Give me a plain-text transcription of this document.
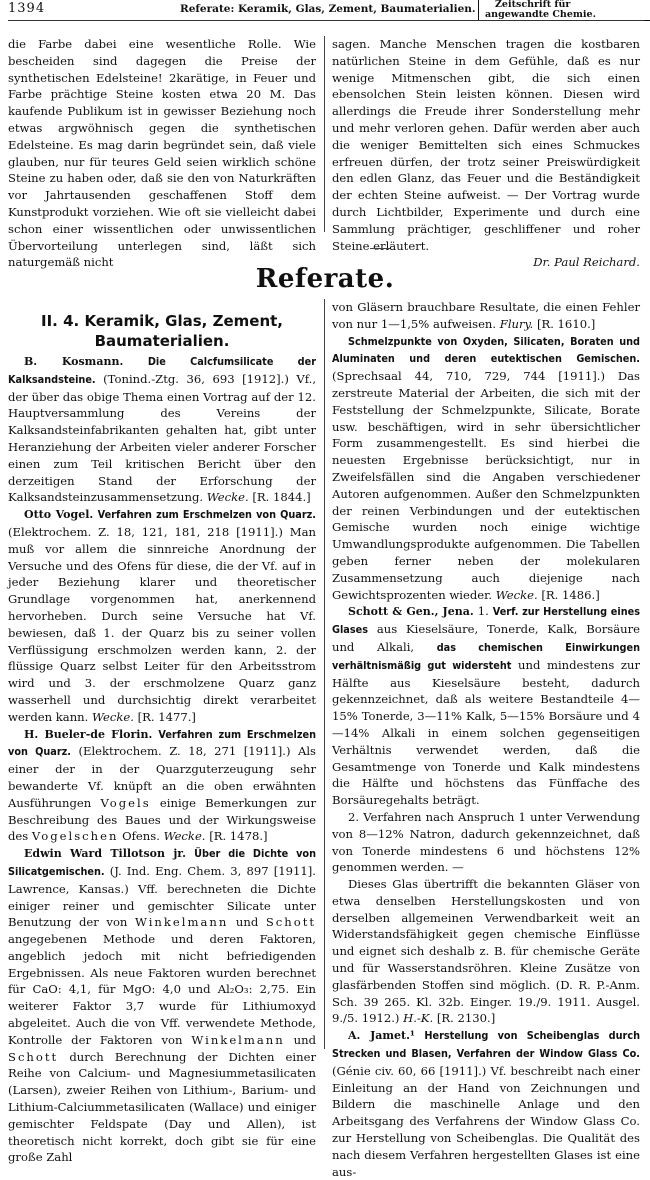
1394	Referate: Keramik, Glas, Zement, Baumaterialien.	Zeitschrift für
angewandte Chemie.

die Farbe dabei eine wesentliche Rolle. Wie bescheiden sind dagegen die Preise der synthetischen Edelsteine! 2karätige, in Feuer und Farbe prächtige Steine kosten etwa 20 M. Das kaufende Publikum ist in gewisser Beziehung noch etwas argwöhnisch gegen die synthetischen Edelsteine. Es mag darin begründet sein, daß viele glauben, nur für teures Geld seien wirklich schöne Steine zu haben oder, daß sie den von Naturkräften vor Jahrtausenden geschaffenen Stoff dem Kunstprodukt vorziehen. Wie oft sie vielleicht dabei schon einer wissentlichen oder unwissentlichen Übervorteilung unterlegen sind, läßt sich naturgemäß nicht

sagen. Manche Menschen tragen die kostbaren natürlichen Steine in dem Gefühle, daß es nur wenige Mitmenschen gibt, die sich einen ebensolchen Stein leisten können. Diesen wird allerdings die Freude ihrer Sonderstellung mehr und mehr verloren gehen. Dafür werden aber auch die weniger Bemittelten sich eines Schmuckes erfreuen dürfen, der trotz seiner Preiswürdigkeit den edlen Glanz, das Feuer und die Beständigkeit der echten Steine aufweist. — Der Vortrag wurde durch Lichtbilder, Experimente und durch eine Sammlung prächtiger, geschliffener und roher Steine erläutert.

Dr. Paul Reichard.

Referate.
II. 4. Keramik, Glas, Zement, Baumaterialien.

B. Kosmann. Die Calcfumsilicate der Kalksandsteine. (Tonind.-Ztg. 36, 693 [1912].) Vf., der über das obige Thema einen Vortrag auf der 12. Hauptversammlung des Vereins der Kalksandsteinfabrikanten gehalten hat, gibt unter Heranziehung der Arbeiten vieler anderer Forscher einen zum Teil kritischen Bericht über den derzeitigen Stand der Erforschung der Kalksandsteinzusammensetzung. Wecke. [R. 1844.]

Otto Vogel. Verfahren zum Erschmelzen von Quarz. (Elektrochem. Z. 18, 121, 181, 218 [1911].) Man muß vor allem die sinnreiche Anordnung der Versuche und des Ofens für diese, die der Vf. auf in jeder Beziehung klarer und theoretischer Grundlage vorgenommen hat, anerkennend hervorheben. Durch seine Versuche hat Vf. bewiesen, daß 1. der Quarz bis zu seiner vollen Verflüssigung erschmolzen werden kann, 2. der flüssige Quarz selbst Leiter für den Arbeitsstrom wird und 3. der erschmolzene Quarz ganz wasserhell und durchsichtig direkt verarbeitet werden kann. Wecke. [R. 1477.]

H. Bueler-de Florin. Verfahren zum Erschmelzen von Quarz. (Elektrochem. Z. 18, 271 [1911].) Als einer der in der Quarzguterzeugung sehr bewanderte Vf. knüpft an die oben erwähnten Ausführungen Vogels einige Bemerkungen zur Beschreibung des Baues und der Wirkungsweise des Vogelschen Ofens. Wecke. [R. 1478.]

Edwin Ward Tillotson jr. Über die Dichte von Silicatgemischen. (J. Ind. Eng. Chem. 3, 897 [1911]. Lawrence, Kansas.) Vff. berechneten die Dichte einiger reiner und gemischter Silicate unter Benutzung der von Winkelmann und Schott angegebenen Methode und deren Faktoren, angeblich jedoch mit nicht befriedigenden Ergebnissen. Als neue Faktoren wurden berechnet für CaO: 4,1, für MgO: 4,0 und Al₂O₃: 2,75. Ein weiterer Faktor 3,7 wurde für Lithiumoxyd abgeleitet. Auch die von Vff. verwendete Methode, Kontrolle der Faktoren von Winkelmann und Schott durch Berechnung der Dichten einer Reihe von Calcium- und Magnesiummetasilicaten (Larsen), zweier Reihen von Lithium-, Barium- und Lithium-Calciummetasilicaten (Wallace) und einiger gemischter Feldspate (Day und Allen), ist theoretisch nicht korrekt, doch gibt sie für eine große Zahl

von Gläsern brauchbare Resultate, die einen Fehler von nur 1—1,5% aufweisen. Flury. [R. 1610.]

Schmelzpunkte von Oxyden, Silicaten, Boraten und Aluminaten und deren eutektischen Gemischen. (Sprechsaal 44, 710, 729, 744 [1911].) Das zerstreute Material der Arbeiten, die sich mit der Feststellung der Schmelzpunkte, Silicate, Borate usw. beschäftigen, wird in sehr übersichtlicher Form zusammengestellt. Es sind hierbei die neuesten Ergebnisse berücksichtigt, nur in Zweifelsfällen sind die Angaben verschiedener Autoren aufgenommen. Außer den Schmelzpunkten der reinen Verbindungen und der eutektischen Gemische wurden noch einige wichtige Umwandlungsprodukte aufgenommen. Die Tabellen geben ferner neben der molekularen Zusammensetzung auch diejenige nach Gewichtsprozenten wieder. Wecke. [R. 1486.]

Schott & Gen., Jena. 1. Verf. zur Herstellung eines Glases aus Kieselsäure, Tonerde, Kalk, Borsäure und Alkali, das chemischen Einwirkungen verhältnismäßig gut widersteht und mindestens zur Hälfte aus Kieselsäure besteht, dadurch gekennzeichnet, daß als weitere Bestandteile 4—15% Tonerde, 3—11% Kalk, 5—15% Borsäure und 4—14% Alkali in einem solchen gegenseitigen Verhältnis verwendet werden, daß die Gesamtmenge von Tonerde und Kalk mindestens die Hälfte und höchstens das Fünffache des Borsäuregehalts beträgt.

2. Verfahren nach Anspruch 1 unter Verwendung von 8—12% Natron, dadurch gekennzeichnet, daß von Tonerde mindestens 6 und höchstens 12% genommen werden. —

Dieses Glas übertrifft die bekannten Gläser von etwa denselben Herstellungskosten und von derselben allgemeinen Verwendbarkeit weit an Widerstandsfähigkeit gegen chemische Einflüsse und eignet sich deshalb z. B. für chemische Geräte und für Wasserstandsröhren. Kleine Zusätze von glasfärbenden Stoffen sind möglich. (D. R. P.-Anm. Sch. 39 265. Kl. 32b. Einger. 19./9. 1911. Ausgel. 9./5. 1912.) H.-K. [R. 2130.]

A. Jamet.¹ Herstellung von Scheibenglas durch Strecken und Blasen, Verfahren der Window Glass Co. (Génie civ. 60, 66 [1911].) Vf. beschreibt nach einer Einleitung an der Hand von Zeichnungen und Bildern die maschinelle Anlage und den Arbeitsgang des Verfahrens der Window Glass Co. zur Herstellung von Scheibenglas. Die Qualität des nach diesem Verfahren hergestellten Glases ist eine aus-
